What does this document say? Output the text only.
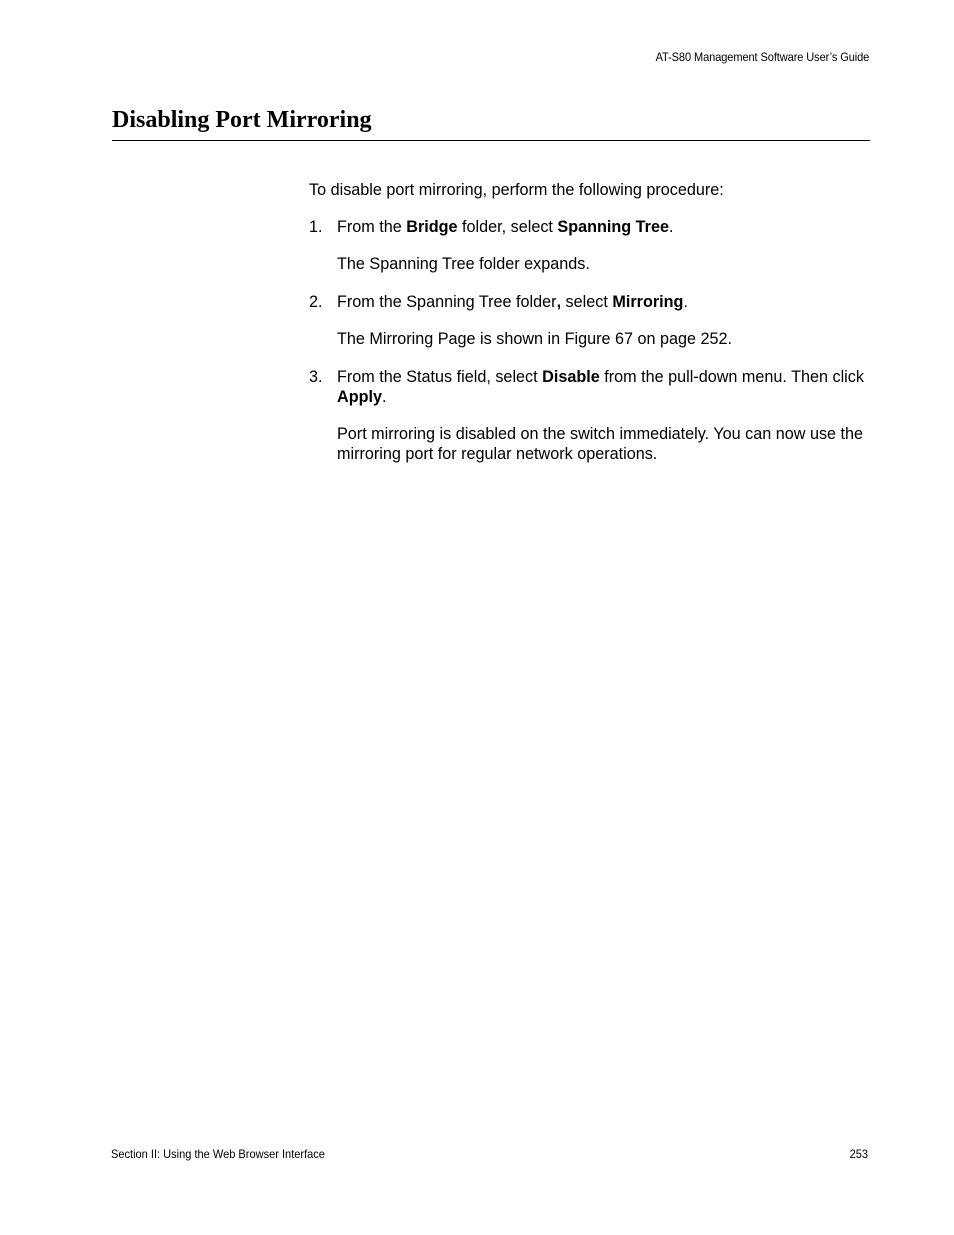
AT-S80 Management Software User’s Guide
Disabling Port Mirroring

To disable port mirroring, perform the following procedure:

1. From the Bridge folder, select Spanning Tree.

The Spanning Tree folder expands.

2. From the Spanning Tree folder, select Mirroring.

The Mirroring Page is shown in Figure 67 on page 252.

3. From the Status field, select Disable from the pull-down menu. Then click Apply.

Port mirroring is disabled on the switch immediately. You can now use the mirroring port for regular network operations.

Section II: Using the Web Browser Interface	253
